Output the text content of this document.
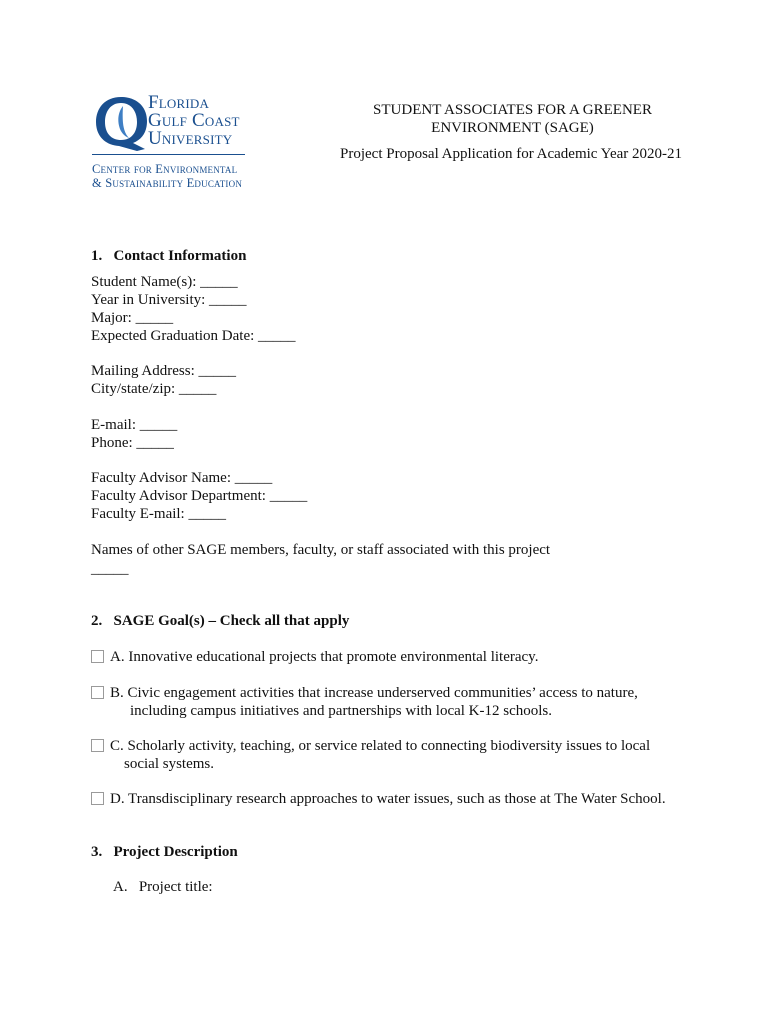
Florida
Gulf Coast
University
Center for Environmental
& Sustainability Education
STUDENT ASSOCIATES FOR A GREENER
ENVIRONMENT (SAGE)
Project Proposal Application for Academic Year 2020-21
1.   Contact Information
Student Name(s): _____
Year in University: _____
Major: _____
Expected Graduation Date: _____
Mailing Address: _____
City/state/zip: _____
E-mail: _____
Phone: _____
Faculty Advisor Name: _____
Faculty Advisor Department: _____
Faculty E-mail: _____
Names of other SAGE members, faculty, or staff associated with this project
_____
2.   SAGE Goal(s) – Check all that apply
A. Innovative educational projects that promote environmental literacy.
B. Civic engagement activities that increase underserved communities’ access to nature,
including campus initiatives and partnerships with local K-12 schools.
C. Scholarly activity, teaching, or service related to connecting biodiversity issues to local
social systems.
D. Transdisciplinary research approaches to water issues, such as those at The Water School.
3.   Project Description
A.   Project title:
